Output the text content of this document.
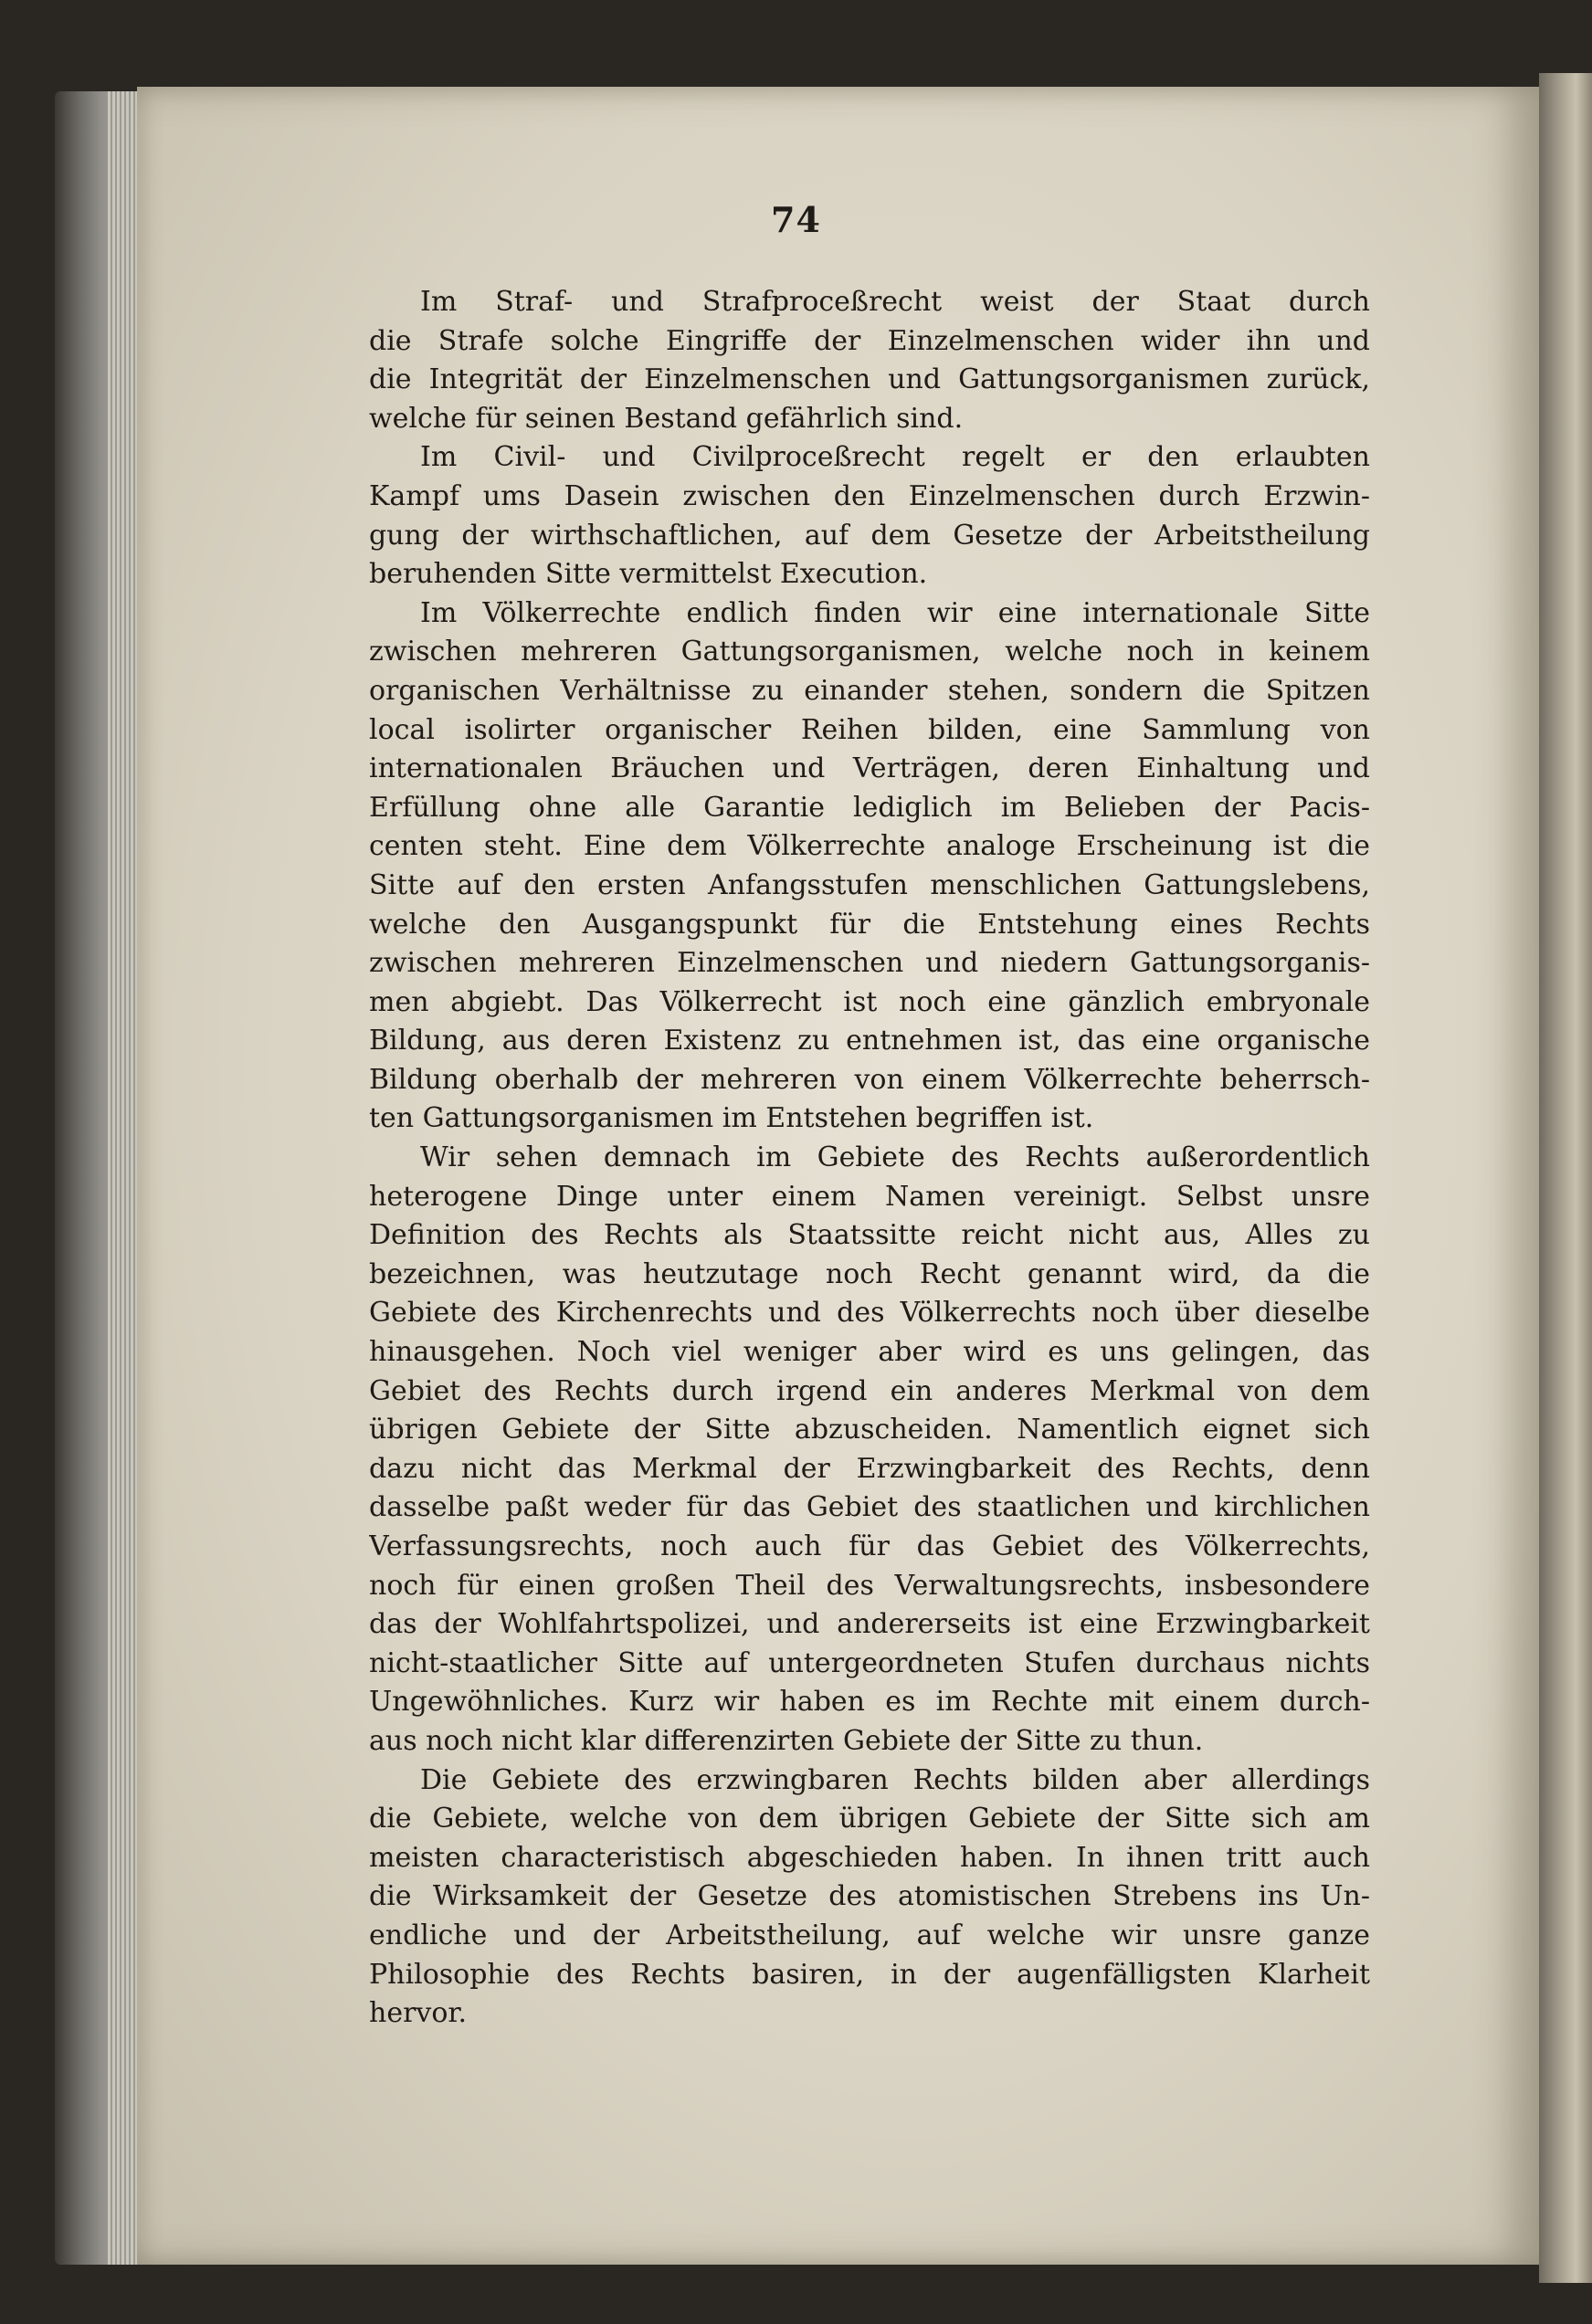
74
Im Straf- und Strafproceßrecht weist der Staat durch
die Strafe solche Eingriffe der Einzelmenschen wider ihn und
die Integrität der Einzelmenschen und Gattungsorganismen zurück,
welche für seinen Bestand gefährlich sind.
Im Civil- und Civilproceßrecht regelt er den erlaubten
Kampf ums Dasein zwischen den Einzelmenschen durch Erzwin-
gung der wirthschaftlichen, auf dem Gesetze der Arbeitstheilung
beruhenden Sitte vermittelst Execution.
Im Völkerrechte endlich finden wir eine internationale Sitte
zwischen mehreren Gattungsorganismen, welche noch in keinem
organischen Verhältnisse zu einander stehen, sondern die Spitzen
local isolirter organischer Reihen bilden, eine Sammlung von
internationalen Bräuchen und Verträgen, deren Einhaltung und
Erfüllung ohne alle Garantie lediglich im Belieben der Pacis-
centen steht. Eine dem Völkerrechte analoge Erscheinung ist die
Sitte auf den ersten Anfangsstufen menschlichen Gattungslebens,
welche den Ausgangspunkt für die Entstehung eines Rechts
zwischen mehreren Einzelmenschen und niedern Gattungsorganis-
men abgiebt. Das Völkerrecht ist noch eine gänzlich embryonale
Bildung, aus deren Existenz zu entnehmen ist, das eine organische
Bildung oberhalb der mehreren von einem Völkerrechte beherrsch-
ten Gattungsorganismen im Entstehen begriffen ist.
Wir sehen demnach im Gebiete des Rechts außerordentlich
heterogene Dinge unter einem Namen vereinigt. Selbst unsre
Definition des Rechts als Staatssitte reicht nicht aus, Alles zu
bezeichnen, was heutzutage noch Recht genannt wird, da die
Gebiete des Kirchenrechts und des Völkerrechts noch über dieselbe
hinausgehen. Noch viel weniger aber wird es uns gelingen, das
Gebiet des Rechts durch irgend ein anderes Merkmal von dem
übrigen Gebiete der Sitte abzuscheiden. Namentlich eignet sich
dazu nicht das Merkmal der Erzwingbarkeit des Rechts, denn
dasselbe paßt weder für das Gebiet des staatlichen und kirchlichen
Verfassungsrechts, noch auch für das Gebiet des Völkerrechts,
noch für einen großen Theil des Verwaltungsrechts, insbesondere
das der Wohlfahrtspolizei, und andererseits ist eine Erzwingbarkeit
nicht-staatlicher Sitte auf untergeordneten Stufen durchaus nichts
Ungewöhnliches. Kurz wir haben es im Rechte mit einem durch-
aus noch nicht klar differenzirten Gebiete der Sitte zu thun.
Die Gebiete des erzwingbaren Rechts bilden aber allerdings
die Gebiete, welche von dem übrigen Gebiete der Sitte sich am
meisten characteristisch abgeschieden haben. In ihnen tritt auch
die Wirksamkeit der Gesetze des atomistischen Strebens ins Un-
endliche und der Arbeitstheilung, auf welche wir unsre ganze
Philosophie des Rechts basiren, in der augenfälligsten Klarheit
hervor.
